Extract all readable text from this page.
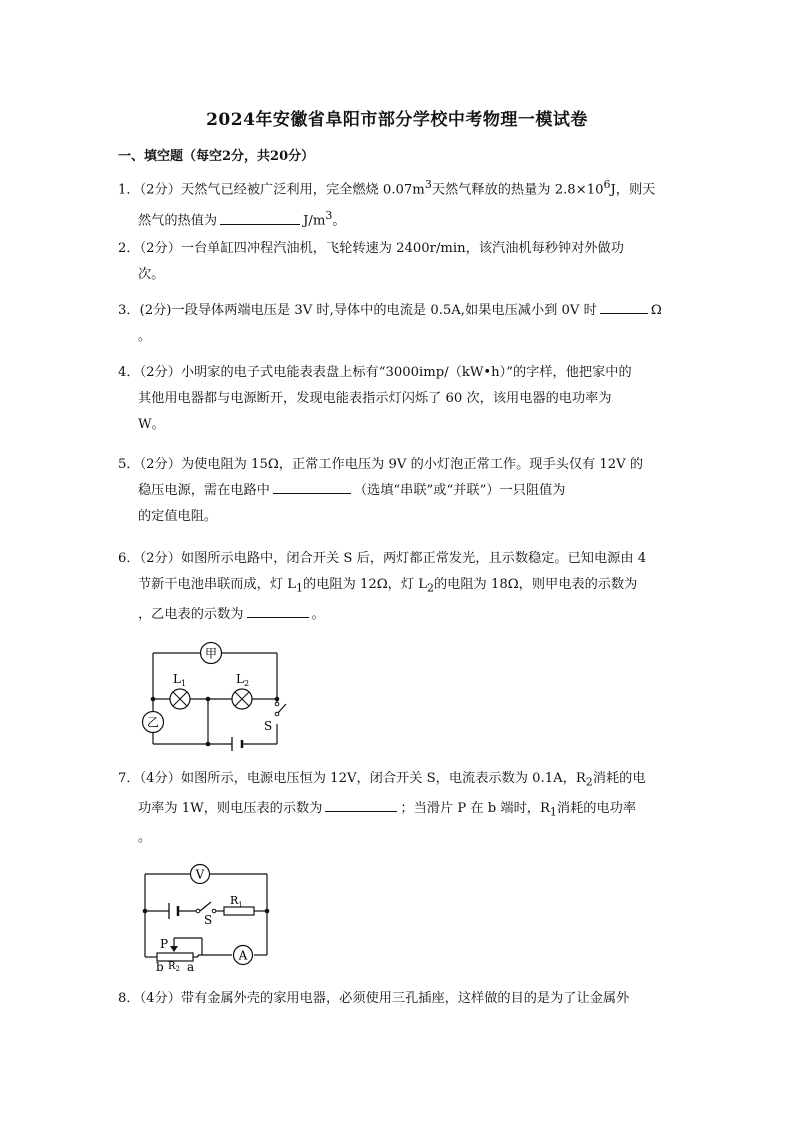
2024年安徽省阜阳市部分学校中考物理一模试卷
一、填空题（每空2分，共20分）
1．（2分）天然气已经被广泛利用，完全燃烧 $0.07m^3$天然气释放的热量为 $2.8\times 10^6J$，则天
然气的热值为	$J/m^3$。
2．（2分）一台单缸四冲程汽油机，飞轮转速为 2400r/min，该汽油机每秒钟对外做功
次。
3．(2分)一段导体两端电压是 3V 时,导体中的电流是 0.5A,如果电压减小到 0V 时	Ω
。
4．（2分）小明家的电子式电能表表盘上标有“3000imp/（kW•h）”的字样，他把家中的
其他用电器都与电源断开，发现电能表指示灯闪烁了 60 次，该用电器的电功率为
W。
5．（2分）为使电阻为 15Ω，正常工作电压为 9V 的小灯泡正常工作。现手头仅有 12V 的
稳压电源，需在电路中	（选填“串联”或“并联”）一只阻值为
的定值电阻。
6．（2分）如图所示电路中，闭合开关 S 后，两灯都正常发光，且示数稳定。已知电源由 4
节新干电池串联而成，灯 $L_1$的电阻为 12Ω，灯 $L_2$的电阻为 18Ω，则甲电表的示数为
，乙电表的示数为	。
甲
乙
$L_1$	$L_2$
S
7．（4分）如图所示，电源电压恒为 12V，闭合开关 S，电流表示数为 0.1A，$R_2$消耗的电
功率为 1W，则电压表的示数为	；当滑片 P 在 b 端时，$R_1$消耗的电功率
。
V
A
S
$R_1$
P
b $R_2$ a
8．（4分）带有金属外壳的家用电器，必须使用三孔插座，这样做的目的是为了让金属外
